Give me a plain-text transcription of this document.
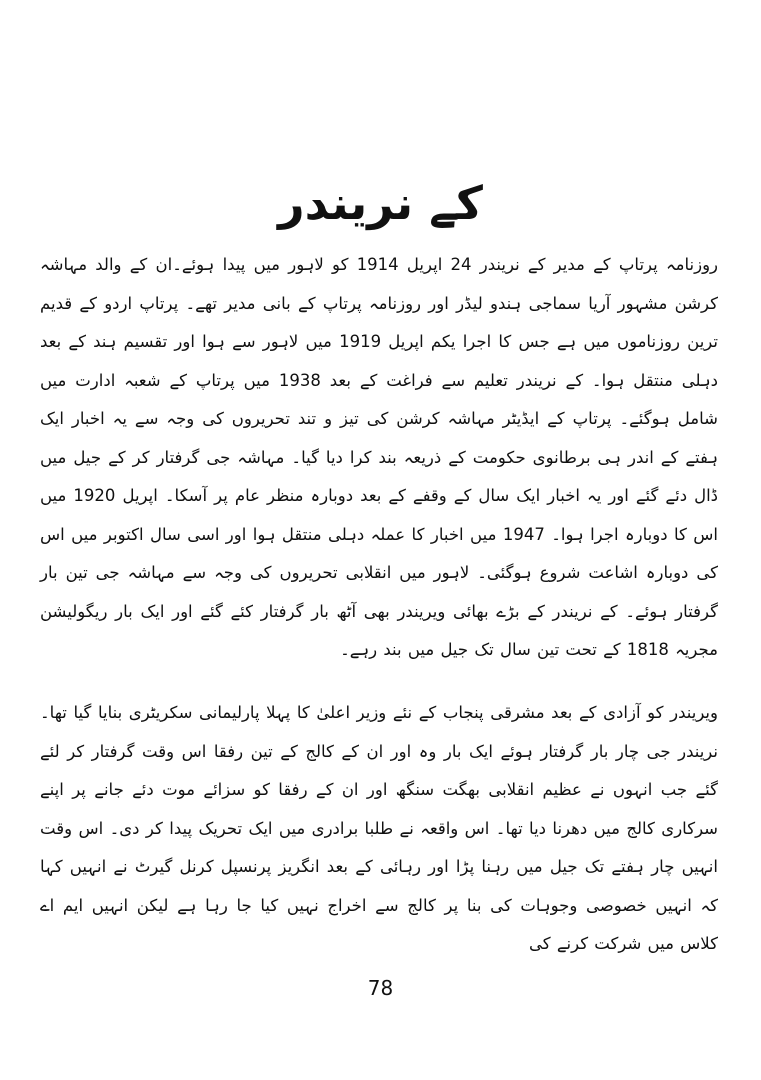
کے نریندر

روزنامہ پرتاپ کے مدیر کے نریندر 24 اپریل 1914 کو لاہور میں پیدا ہوئے۔ان کے والد مہاشہ کرشن مشہور آریا سماجی ہندو لیڈر اور روزنامہ پرتاپ کے بانی مدیر تھے۔ پرتاپ اردو کے قدیم ترین روزناموں میں ہے جس کا اجرا یکم اپریل 1919 میں لاہور سے ہوا اور تقسیم ہند کے بعد دہلی منتقل ہوا۔ کے نریندر تعلیم سے فراغت کے بعد 1938 میں پرتاپ کے شعبہ ادارت میں شامل ہوگئے۔ پرتاپ کے ایڈیٹر مہاشہ کرشن کی تیز و تند تحریروں کی وجہ سے یہ اخبار ایک ہفتے کے اندر ہی برطانوی حکومت کے ذریعہ بند کرا دیا گیا۔ مہاشہ جی گرفتار کر کے جیل میں ڈال دئے گئے اور یہ اخبار ایک سال کے وقفے کے بعد دوبارہ منظر عام پر آسکا۔ اپریل 1920 میں اس کا دوبارہ اجرا ہوا۔ 1947 میں اخبار کا عملہ دہلی منتقل ہوا اور اسی سال اکتوبر میں اس کی دوبارہ اشاعت شروع ہوگئی۔ لاہور میں انقلابی تحریروں کی وجہ سے مہاشہ جی تین بار گرفتار ہوئے۔ کے نریندر کے بڑے بھائی ویریندر بھی آٹھ بار گرفتار کئے گئے اور ایک بار ریگولیشن مجریہ 1818 کے تحت تین سال تک جیل میں بند رہے۔

ویریندر کو آزادی کے بعد مشرقی پنجاب کے نئے وزیر اعلیٰ کا پہلا پارلیمانی سکریٹری بنایا گیا تھا۔ نریندر جی چار بار گرفتار ہوئے ایک بار وہ اور ان کے کالج کے تین رفقا اس وقت گرفتار کر لئے گئے جب انہوں نے عظیم انقلابی بھگت سنگھ اور ان کے رفقا کو سزائے موت دئے جانے پر اپنے سرکاری کالج میں دھرنا دیا تھا۔ اس واقعہ نے طلبا برادری میں ایک تحریک پیدا کر دی۔ اس وقت انہیں چار ہفتے تک جیل میں رہنا پڑا اور رہائی کے بعد انگریز پرنسپل کرنل گیرٹ نے انہیں کہا کہ انہیں خصوصی وجوہات کی بنا پر کالج سے اخراج نہیں کیا جا رہا ہے لیکن انہیں ایم اے کلاس میں شرکت کرنے کی

78
